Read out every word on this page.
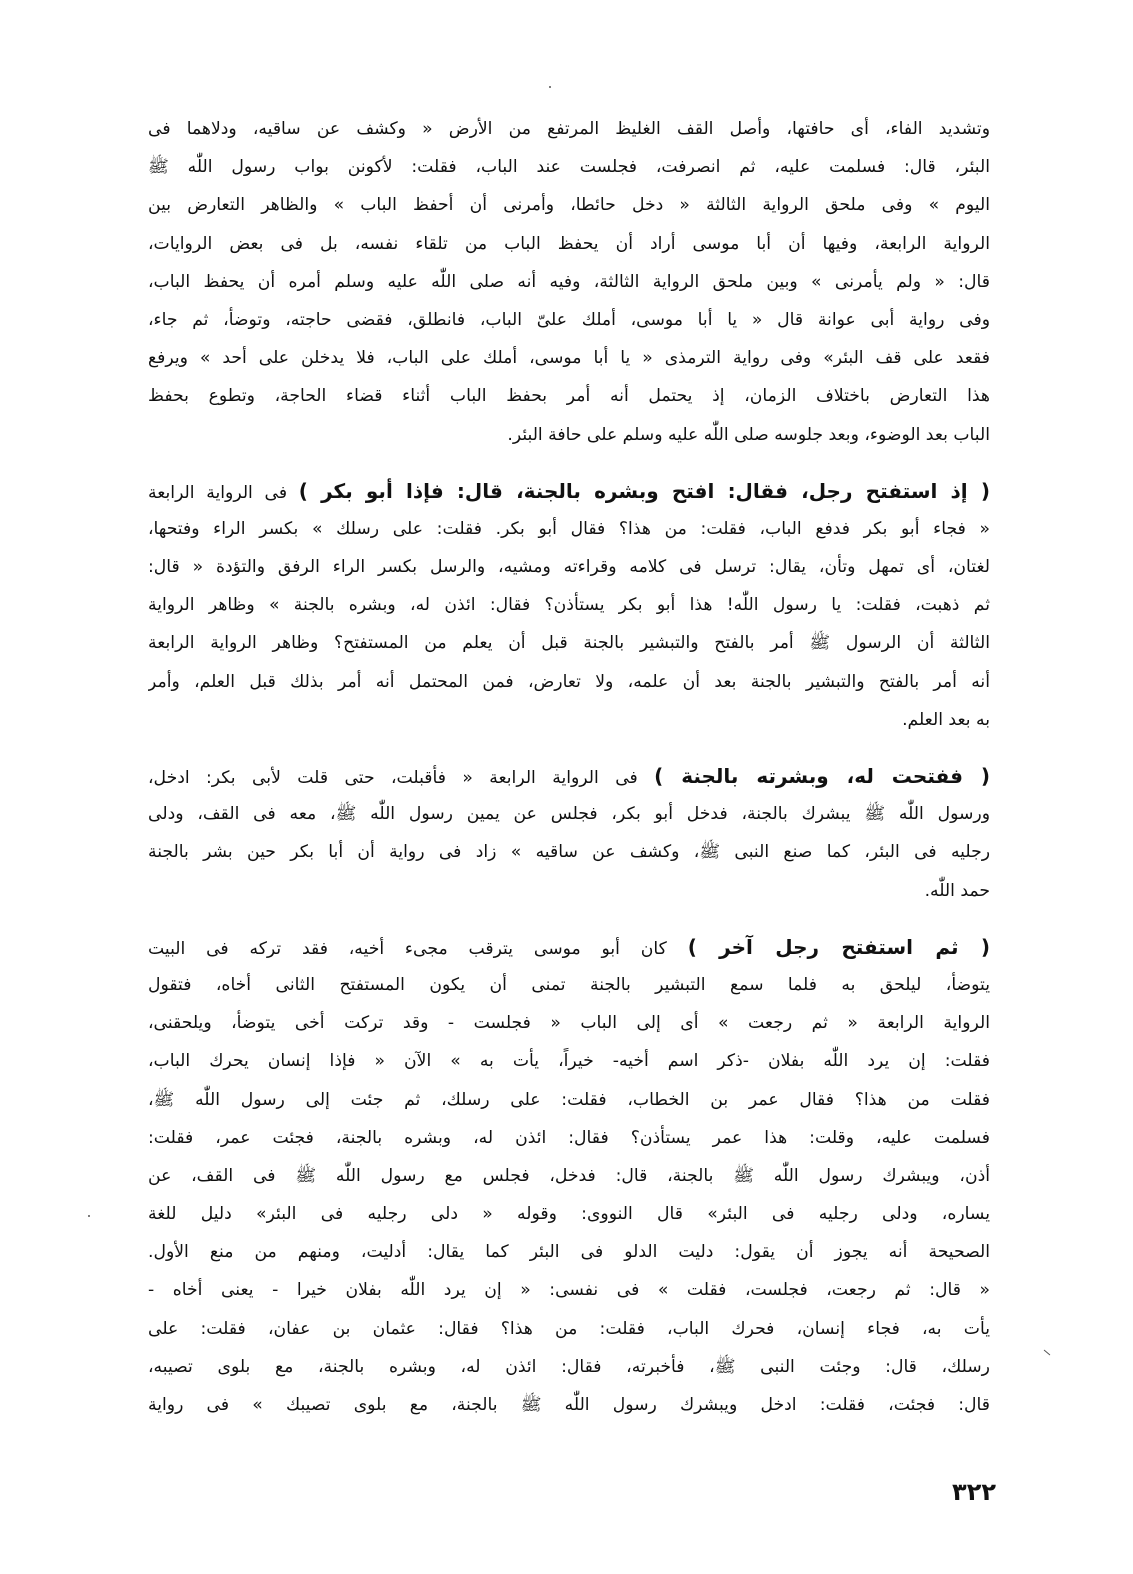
وتشديد الفاء، أى حافتها، وأصل القف الغليظ المرتفع من الأرض « وكشف عن ساقيه، ودلاهما فى
البئر، قال: فسلمت عليه، ثم انصرفت، فجلست عند الباب، فقلت: لأكونن بواب رسول اللّٰه ﷺ
اليوم » وفى ملحق الرواية الثالثة « دخل حائطا، وأمرنى أن أحفظ الباب » والظاهر التعارض بين
الرواية الرابعة، وفيها أن أبا موسى أراد أن يحفظ الباب من تلقاء نفسه، بل فى بعض الروايات،
قال: « ولم يأمرنى » وبين ملحق الرواية الثالثة، وفيه أنه صلى اللّٰه عليه وسلم أمره أن يحفظ الباب،
وفى رواية أبى عوانة قال « يا أبا موسى، أملك علىّ الباب، فانطلق، فقضى حاجته، وتوضأ، ثم جاء،
فقعد على قف البئر» وفى رواية الترمذى « يا أبا موسى، أملك على الباب، فلا يدخلن على أحد » ويرفع
هذا التعارض باختلاف الزمان، إذ يحتمل أنه أمر بحفظ الباب أثناء قضاء الحاجة، وتطوع بحفظ
الباب بعد الوضوء، وبعد جلوسه صلى اللّٰه عليه وسلم على حافة البئر.
( إذ استفتح رجل، فقال: افتح وبشره بالجنة، قال: فإذا أبو بكر ) فى الرواية الرابعة
« فجاء أبو بكر فدفع الباب، فقلت: من هذا؟ فقال أبو بكر. فقلت: على رسلك » بكسر الراء وفتحها،
لغتان، أى تمهل وتأن، يقال: ترسل فى كلامه وقراءته ومشيه، والرسل بكسر الراء الرفق والتؤدة « قال:
ثم ذهبت، فقلت: يا رسول اللّٰه! هذا أبو بكر يستأذن؟ فقال: ائذن له، وبشره بالجنة » وظاهر الرواية
الثالثة أن الرسول ﷺ أمر بالفتح والتبشير بالجنة قبل أن يعلم من المستفتح؟ وظاهر الرواية الرابعة
أنه أمر بالفتح والتبشير بالجنة بعد أن علمه، ولا تعارض، فمن المحتمل أنه أمر بذلك قبل العلم، وأمر
به بعد العلم.
( ففتحت له، وبشرته بالجنة ) فى الرواية الرابعة « فأقبلت، حتى قلت لأبى بكر: ادخل،
ورسول اللّٰه ﷺ يبشرك بالجنة، فدخل أبو بكر، فجلس عن يمين رسول اللّٰه ﷺ، معه فى القف، ودلى
رجليه فى البئر، كما صنع النبى ﷺ، وكشف عن ساقيه » زاد فى رواية أن أبا بكر حين بشر بالجنة
حمد اللّٰه.
( ثم استفتح رجل آخر ) كان أبو موسى يترقب مجىء أخيه، فقد تركه فى البيت
يتوضأ، ليلحق به فلما سمع التبشير بالجنة تمنى أن يكون المستفتح الثانى أخاه، فتقول
الرواية الرابعة « ثم رجعت » أى إلى الباب « فجلست - وقد تركت أخى يتوضأ، ويلحقنى،
فقلت: إن يرد اللّٰه بفلان -ذكر اسم أخيه- خيراً، يأت به » الآن « فإذا إنسان يحرك الباب،
فقلت من هذا؟ فقال عمر بن الخطاب، فقلت: على رسلك، ثم جئت إلى رسول اللّٰه ﷺ،
فسلمت عليه، وقلت: هذا عمر يستأذن؟ فقال: ائذن له، وبشره بالجنة، فجئت عمر، فقلت:
أذن، ويبشرك رسول اللّٰه ﷺ بالجنة، قال: فدخل، فجلس مع رسول اللّٰه ﷺ فى القف، عن
يساره، ودلى رجليه فى البئر» قال النووى: وقوله « دلى رجليه فى البئر» دليل للغة
الصحيحة أنه يجوز أن يقول: دليت الدلو فى البئر كما يقال: أدليت، ومنهم من منع الأول.
« قال: ثم رجعت، فجلست، فقلت » فى نفسى: « إن يرد اللّٰه بفلان خيرا - يعنى أخاه -
يأت به، فجاء إنسان، فحرك الباب، فقلت: من هذا؟ فقال: عثمان بن عفان، فقلت: على
رسلك، قال: وجئت النبى ﷺ، فأخبرته، فقال: ائذن له، وبشره بالجنة، مع بلوى تصيبه،
قال: فجئت، فقلت: ادخل ويبشرك رسول اللّٰه ﷺ بالجنة، مع بلوى تصيبك » فى رواية
٣٢٢
